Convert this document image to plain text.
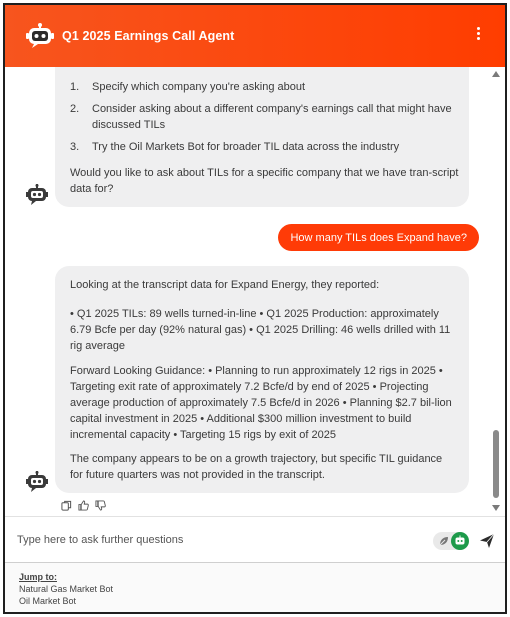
Q1 2025 Earnings Call Agent
1.	Specify which company you're asking about
2.	Consider asking about a different company's earnings call that might have discussed TILs
3.	Try the Oil Markets Bot for broader TIL data across the industry
Would you like to ask about TILs for a specific company that we have tran-script data for?
How many TILs does Expand have?

Looking at the transcript data for Expand Energy, they reported:

• Q1 2025 TILs: 89 wells turned-in-line • Q1 2025 Production: approximately 6.79 Bcfe per day (92% natural gas) • Q1 2025 Drilling: 46 wells drilled with 11 rig average

Forward Looking Guidance: • Planning to run approximately 12 rigs in 2025 • Targeting exit rate of approximately 7.2 Bcfe/d by end of 2025 • Projecting average production of approximately 7.5 Bcfe/d in 2026 • Planning $2.7 bil-lion capital investment in 2025 • Additional $300 million investment to build incremental capacity • Targeting 15 rigs by exit of 2025

The company appears to be on a growth trajectory, but specific TIL guidance for future quarters was not provided in the transcript.

Type here to ask further questions
Jump to:
Natural Gas Market Bot
Oil Market Bot
